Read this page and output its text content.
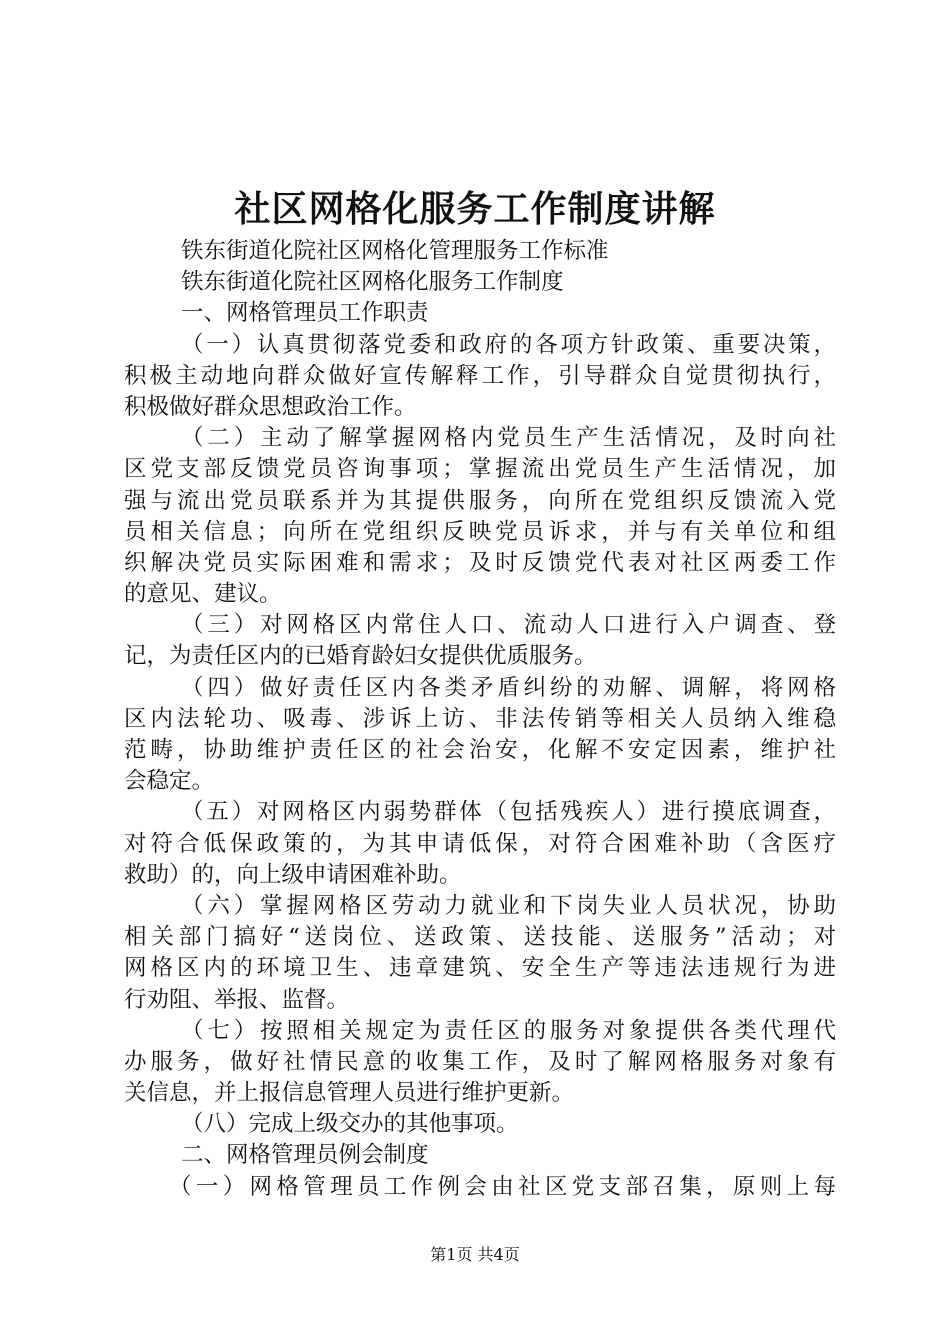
社区网格化服务工作制度讲解
铁东街道化院社区网格化管理服务工作标准
铁东街道化院社区网格化服务工作制度
一、网格管理员工作职责
（一）认真贯彻落党委和政府的各项方针政策、重要决策，
积极主动地向群众做好宣传解释工作，引导群众自觉贯彻执行，
积极做好群众思想政治工作。
（二）主动了解掌握网格内党员生产生活情况，及时向社
区党支部反馈党员咨询事项；掌握流出党员生产生活情况，加
强与流出党员联系并为其提供服务，向所在党组织反馈流入党
员相关信息；向所在党组织反映党员诉求，并与有关单位和组
织解决党员实际困难和需求；及时反馈党代表对社区两委工作
的意见、建议。
（三）对网格区内常住人口、流动人口进行入户调查、登
记，为责任区内的已婚育龄妇女提供优质服务。
（四）做好责任区内各类矛盾纠纷的劝解、调解，将网格
区内法轮功、吸毒、涉诉上访、非法传销等相关人员纳入维稳
范畴，协助维护责任区的社会治安，化解不安定因素，维护社
会稳定。
（五）对网格区内弱势群体（包括残疾人）进行摸底调查，
对符合低保政策的，为其申请低保，对符合困难补助（含医疗
救助）的，向上级申请困难补助。
（六）掌握网格区劳动力就业和下岗失业人员状况，协助
相关部门搞好“送岗位、送政策、送技能、送服务”活动；对
网格区内的环境卫生、违章建筑、安全生产等违法违规行为进
行劝阻、举报、监督。
（七）按照相关规定为责任区的服务对象提供各类代理代
办服务，做好社情民意的收集工作，及时了解网格服务对象有
关信息，并上报信息管理人员进行维护更新。
（八）完成上级交办的其他事项。
二、网格管理员例会制度
（一）网格管理员工作例会由社区党支部召集，原则上每
第1页 共4页
